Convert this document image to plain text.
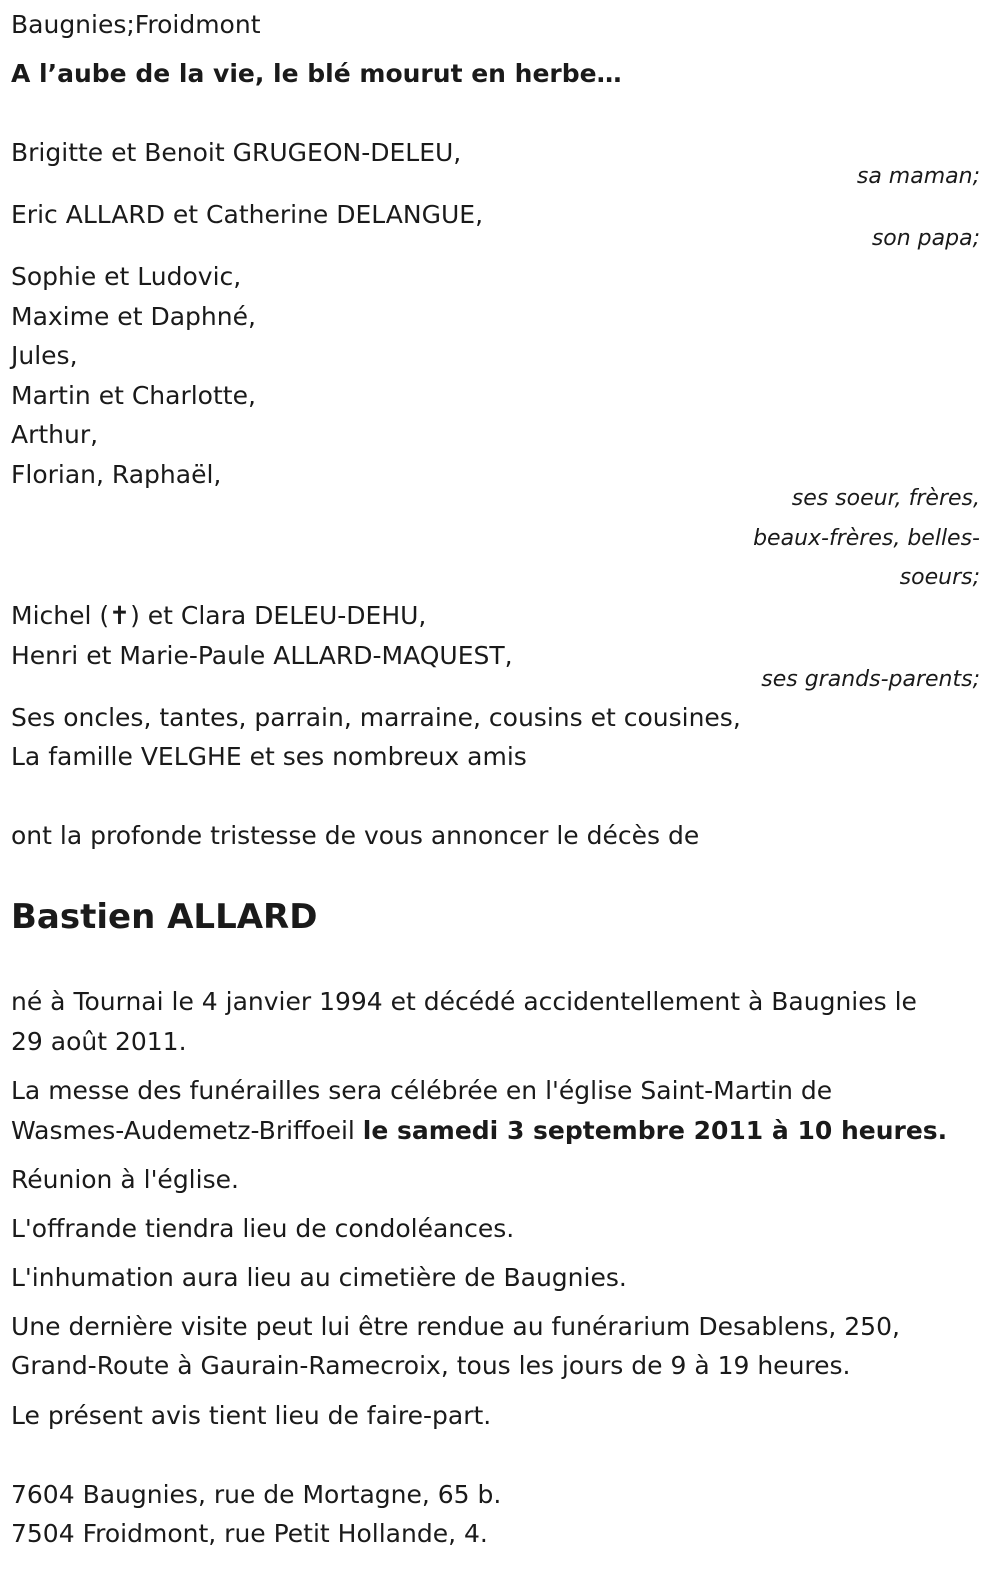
Baugnies;Froidmont
A l’aube de la vie, le blé mourut en herbe…
Brigitte et Benoit GRUGEON-DELEU,
sa maman;
Eric ALLARD et Catherine DELANGUE,
son papa;
Sophie et Ludovic,
Maxime et Daphné,
Jules,
Martin et Charlotte,
Arthur,
Florian, Raphaël,
ses soeur, frères,
beaux-frères, belles-
soeurs;
Michel (✝) et Clara DELEU-DEHU,
Henri et Marie-Paule ALLARD-MAQUEST,
ses grands-parents;
Ses oncles, tantes, parrain, marraine, cousins et cousines,
La famille VELGHE et ses nombreux amis
ont la profonde tristesse de vous annoncer le décès de
Bastien ALLARD
né à Tournai le 4 janvier 1994 et décédé accidentellement à Baugnies le
29 août 2011.
La messe des funérailles sera célébrée en l'église Saint-Martin de
Wasmes-Audemetz-Briffoeil le samedi 3 septembre 2011 à 10 heures.
Réunion à l'église.
L'offrande tiendra lieu de condoléances.
L'inhumation aura lieu au cimetière de Baugnies.
Une dernière visite peut lui être rendue au funérarium Desablens, 250,
Grand-Route à Gaurain-Ramecroix, tous les jours de 9 à 19 heures.
Le présent avis tient lieu de faire-part.
7604 Baugnies, rue de Mortagne, 65 b.
7504 Froidmont, rue Petit Hollande, 4.
